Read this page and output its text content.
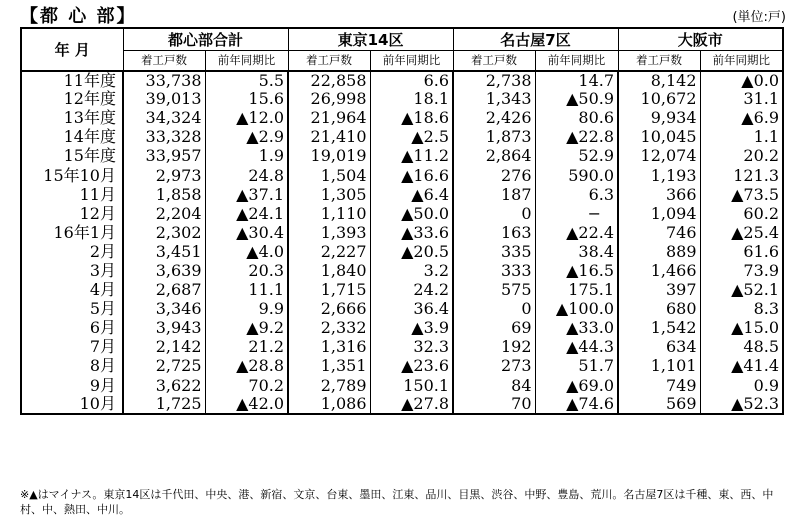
【都 心 部】	(単位:戸)
年 月	都心部合計		東京14区		名古屋7区		大阪市	
	着工戸数	前年同期比	着工戸数	前年同期比	着工戸数	前年同期比	着工戸数	前年同期比
11年度	33,738	5.5	22,858	6.6	2,738	14.7	8,142	▲0.0
12年度	39,013	15.6	26,998	18.1	1,343	▲50.9	10,672	31.1
13年度	34,324	▲12.0	21,964	▲18.6	2,426	80.6	9,934	▲6.9
14年度	33,328	▲2.9	21,410	▲2.5	1,873	▲22.8	10,045	1.1
15年度	33,957	1.9	19,019	▲11.2	2,864	52.9	12,074	20.2
15年10月	2,973	24.8	1,504	▲16.6	276	590.0	1,193	121.3
11月	1,858	▲37.1	1,305	▲6.4	187	6.3	366	▲73.5
12月	2,204	▲24.1	1,110	▲50.0	0	−	1,094	60.2
16年1月	2,302	▲30.4	1,393	▲33.6	163	▲22.4	746	▲25.4
2月	3,451	▲4.0	2,227	▲20.5	335	38.4	889	61.6
3月	3,639	20.3	1,840	3.2	333	▲16.5	1,466	73.9
4月	2,687	11.1	1,715	24.2	575	175.1	397	▲52.1
5月	3,346	9.9	2,666	36.4	0	▲100.0	680	8.3
6月	3,943	▲9.2	2,332	▲3.9	69	▲33.0	1,542	▲15.0
7月	2,142	21.2	1,316	32.3	192	▲44.3	634	48.5
8月	2,725	▲28.8	1,351	▲23.6	273	51.7	1,101	▲41.4
9月	3,622	70.2	2,789	150.1	84	▲69.0	749	0.9
10月	1,725	▲42.0	1,086	▲27.8	70	▲74.6	569	▲52.3
※▲はマイナス。東京14区は千代田、中央、港、新宿、文京、台東、墨田、江東、品川、目黒、渋谷、中野、豊島、荒川。名古屋7区は千種、東、西、中村、中、熱田、中川。
